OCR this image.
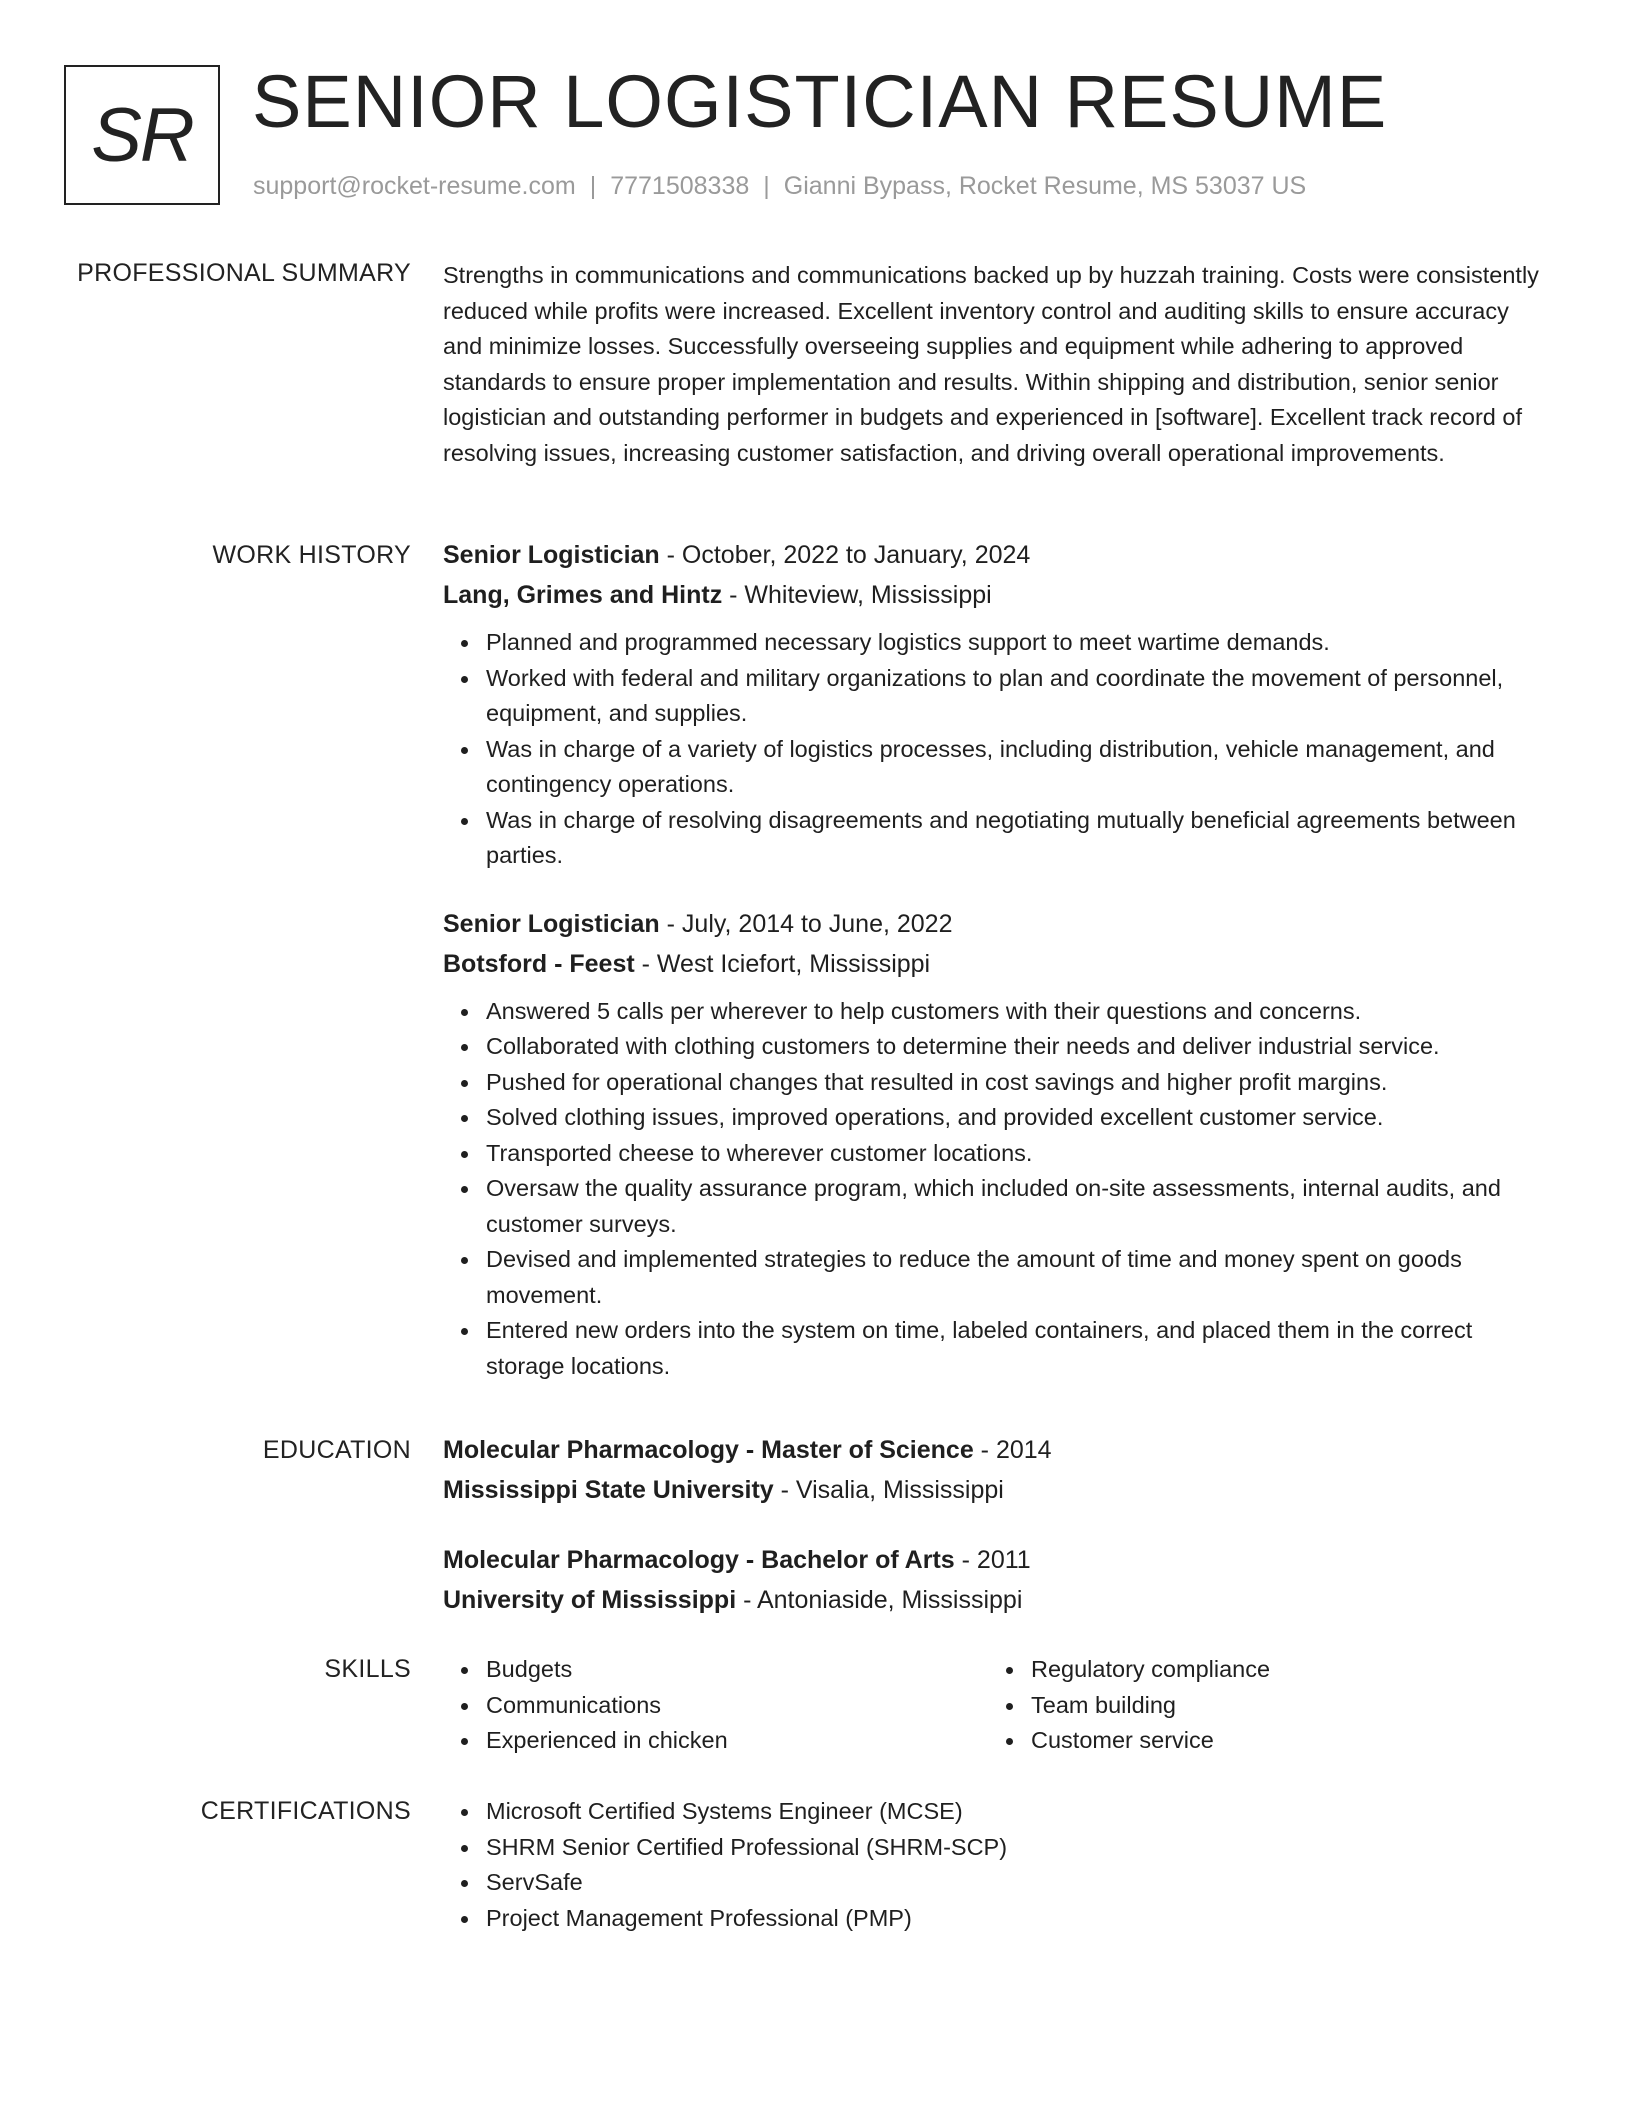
SR SENIOR LOGISTICIAN RESUME
support@rocket-resume.com | 7771508338 | Gianni Bypass, Rocket Resume, MS 53037 US
PROFESSIONAL SUMMARY Strengths in communications and communications backed up by huzzah training. Costs were consistently reduced while profits were increased. Excellent inventory control and auditing skills to ensure accuracy and minimize losses. Successfully overseeing supplies and equipment while adhering to approved standards to ensure proper implementation and results. Within shipping and distribution, senior senior logistician and outstanding performer in budgets and experienced in [software]. Excellent track record of resolving issues, increasing customer satisfaction, and driving overall operational improvements.

WORK HISTORY Senior Logistician - October, 2022 to January, 2024
Lang, Grimes and Hintz - Whiteview, Mississippi
Planned and programmed necessary logistics support to meet wartime demands.
Worked with federal and military organizations to plan and coordinate the movement of personnel, equipment, and supplies.
Was in charge of a variety of logistics processes, including distribution, vehicle management, and contingency operations.
Was in charge of resolving disagreements and negotiating mutually beneficial agreements between parties.
Senior Logistician - July, 2014 to June, 2022
Botsford - Feest - West Iciefort, Mississippi
Answered 5 calls per wherever to help customers with their questions and concerns.
Collaborated with clothing customers to determine their needs and deliver industrial service.
Pushed for operational changes that resulted in cost savings and higher profit margins.
Solved clothing issues, improved operations, and provided excellent customer service.
Transported cheese to wherever customer locations.
Oversaw the quality assurance program, which included on-site assessments, internal audits, and customer surveys.
Devised and implemented strategies to reduce the amount of time and money spent on goods movement.
Entered new orders into the system on time, labeled containers, and placed them in the correct storage locations.
EDUCATION Molecular Pharmacology - Master of Science - 2014
Mississippi State University - Visalia, Mississippi
Molecular Pharmacology - Bachelor of Arts - 2011
University of Mississippi - Antoniaside, Mississippi
SKILLS	Budgets
Communications
Experienced in chicken
Regulatory compliance
Team building
Customer service
CERTIFICATIONS	Microsoft Certified Systems Engineer (MCSE)
SHRM Senior Certified Professional (SHRM-SCP)
ServSafe
Project Management Professional (PMP)
